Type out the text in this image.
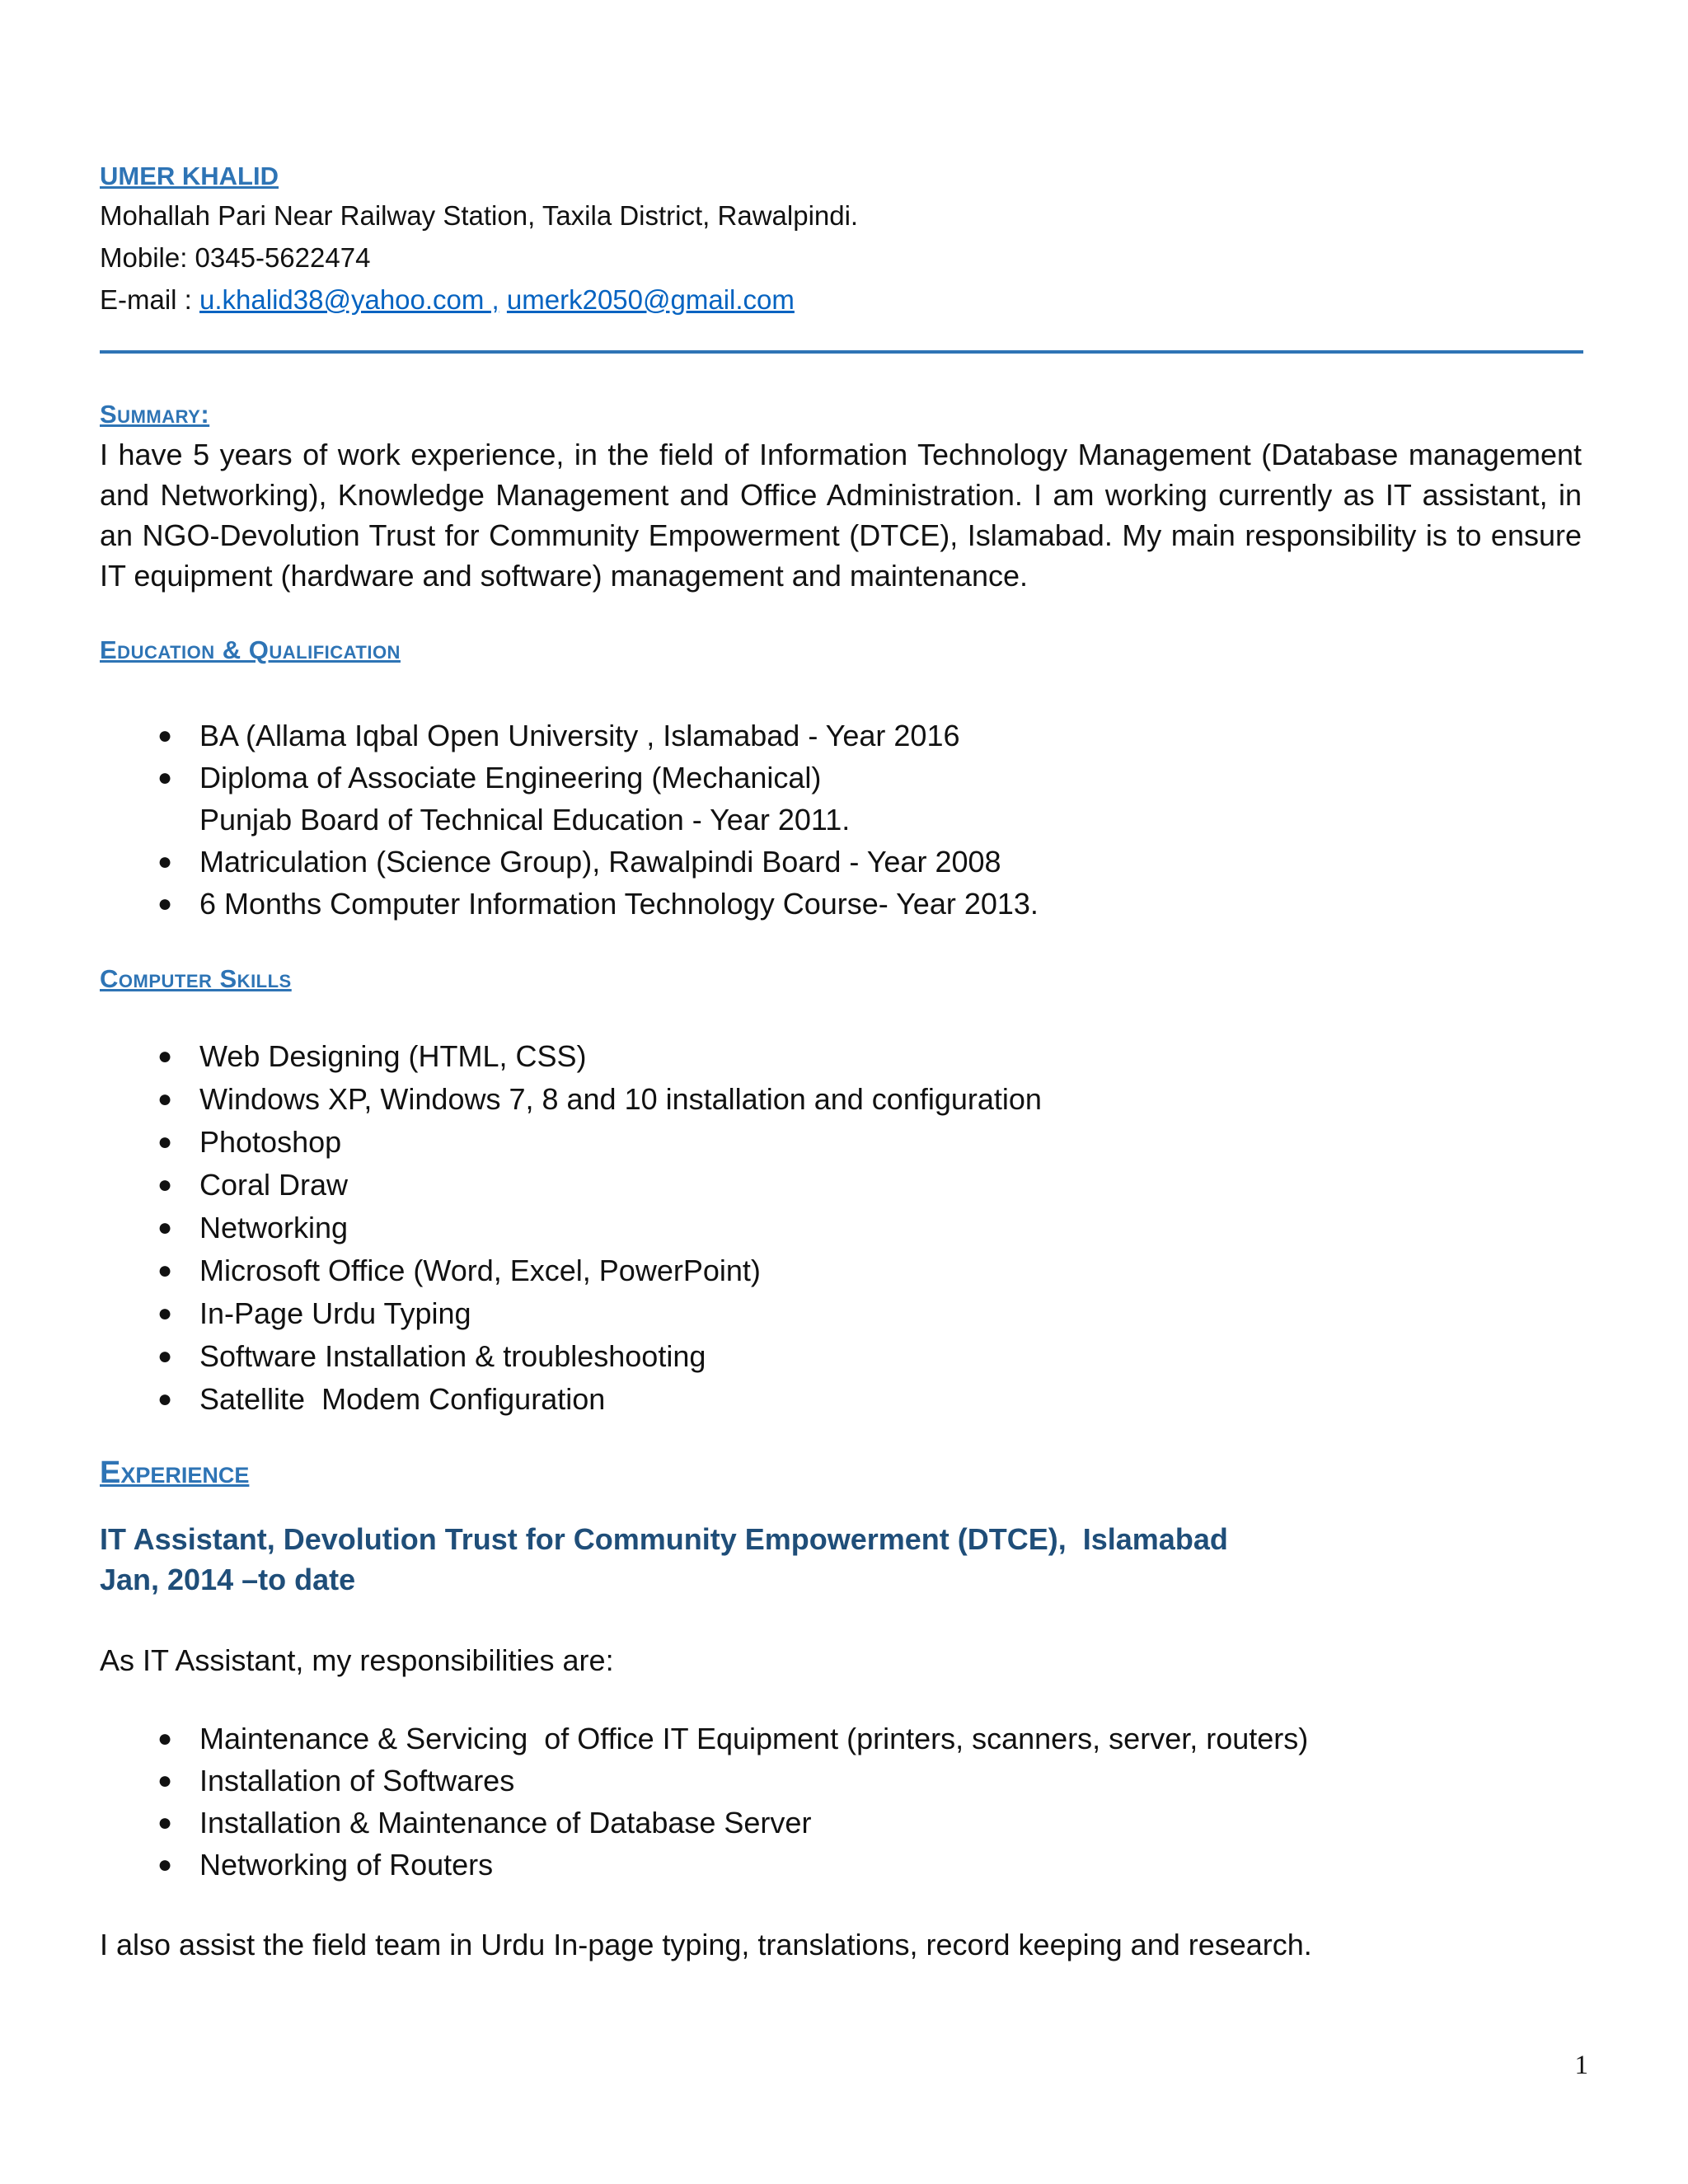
UMER KHALID

Mohallah Pari Near Railway Station, Taxila District, Rawalpindi.

Mobile: 0345-5622474

E-mail : u.khalid38@yahoo.com , umerk2050@gmail.com

Summary:

I have 5 years of work experience, in the field of Information Technology Management (Database management and Networking), Knowledge Management and Office Administration. I am working currently as IT assistant, in an NGO-Devolution Trust for Community Empowerment (DTCE), Islamabad. My main responsibility is to ensure IT equipment (hardware and software) management and maintenance.

Education & Qualification

● BA (Allama Iqbal Open University , Islamabad - Year 2016
● Diploma of Associate Engineering (Mechanical)
Punjab Board of Technical Education - Year 2011.
● Matriculation (Science Group), Rawalpindi Board - Year 2008
● 6 Months Computer Information Technology Course- Year 2013.

Computer Skills

● Web Designing (HTML, CSS)
● Windows XP, Windows 7, 8 and 10 installation and configuration
● Photoshop
● Coral Draw
● Networking
● Microsoft Office (Word, Excel, PowerPoint)
● In-Page Urdu Typing
● Software Installation & troubleshooting
● Satellite  Modem Configuration

Experience

IT Assistant, Devolution Trust for Community Empowerment (DTCE),  Islamabad

Jan, 2014 –to date

As IT Assistant, my responsibilities are:

● Maintenance & Servicing  of Office IT Equipment (printers, scanners, server, routers)
● Installation of Softwares
● Installation & Maintenance of Database Server
● Networking of Routers

I also assist the field team in Urdu In-page typing, translations, record keeping and research.

1
